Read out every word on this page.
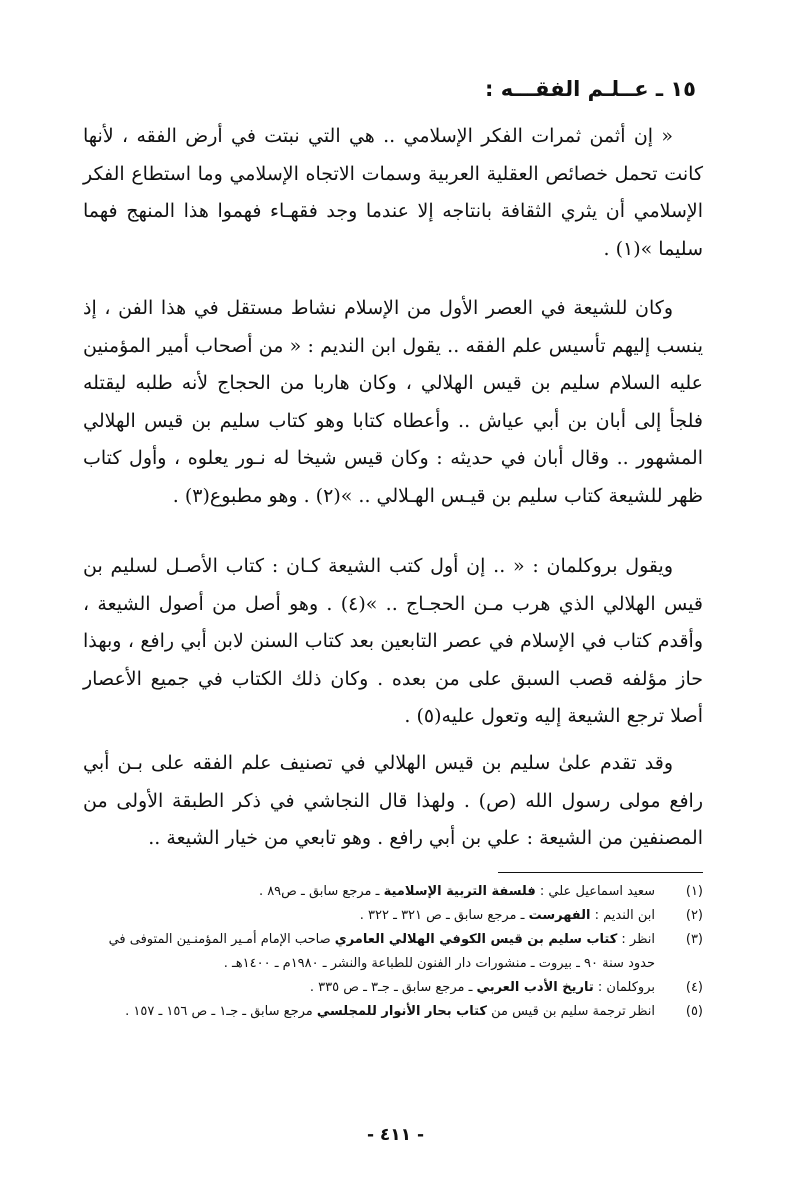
١٥ ـ عــلـم الفقـــه :

« إن أثمن ثمرات الفكر الإسلامي .. هي التي نبتت في أرض الفقه ، لأنها كانت تحمل خصائص العقلية العربية وسمات الاتجاه الإسلامي وما استطاع الفكر الإسلامي أن يثري الثقافة بانتاجه إلا عندما وجد فقهـاء فهموا هذا المنهج فهما سليما »(١) .

وكان للشيعة في العصر الأول من الإسلام نشاط مستقل في هذا الفن ، إذ ينسب إليهم تأسيس علم الفقه .. يقول ابن النديم : « من أصحاب أمير المؤمنين عليه السلام سليم بن قيس الهلالي ، وكان هاربا من الحجاج لأنه طلبه ليقتله فلجأ إلى أبان بن أبي عياش .. وأعطاه كتابا وهو كتاب سليم بن قيس الهلالي المشهور .. وقال أبان في حديثه : وكان قيس شيخا له نـور يعلوه ، وأول كتاب ظهر للشيعة كتاب سليم بن قيـس الهـلالي .. »(٢) . وهو مطبوع(٣) .

ويقول بروكلمان : « .. إن أول كتب الشيعة كـان : كتاب الأصـل لسليم بن قيس الهلالي الذي هرب مـن الحجـاج .. »(٤) . وهو أصل من أصول الشيعة ، وأقدم كتاب في الإسلام في عصر التابعين بعد كتاب السنن لابن أبي رافع ، وبهذا حاز مؤلفه قصب السبق على من بعده . وكان ذلك الكتاب في جميع الأعصار أصلا ترجع الشيعة إليه وتعول عليه(٥) .

وقد تقدم علىٰ سليم بن قيس الهلالي في تصنيف علم الفقه على بـن أبي رافع مولى رسول الله (ص) . ولهذا قال النجاشي في ذكر الطبقة الأولى من المصنفين من الشيعة : علي بن أبي رافع . وهو تابعي من خيار الشيعة ..

(١)
سعيد اسماعيل علي : فلسفة التربية الإسلامية ـ مرجع سابق ـ ص٨٩ .
(٢)
ابن النديم : الفهرست ـ مرجع سابق ـ ص ٣٢١ ـ ٣٢٢ .
(٣)
انظر : كتاب سليم بن قيس الكوفي الهلالي العامري صاحب الإمام أمـير المؤمنـين المتوفى في حدود سنة ٩٠ ـ بيروت ـ منشورات دار الفنون للطباعة والنشر ـ ١٩٨٠م ـ ١٤٠٠هـ .
(٤)
بروكلمان : تاريخ الأدب العربي ـ مرجع سابق ـ جـ٣ ـ ص ٣٣٥ .
(٥)
انظر ترجمة سليم بن قيس من كتاب بحار الأنوار للمجلسي مرجع سابق ـ جـ١ ـ ص ١٥٦ ـ ١٥٧ .
- ٤١١ -
